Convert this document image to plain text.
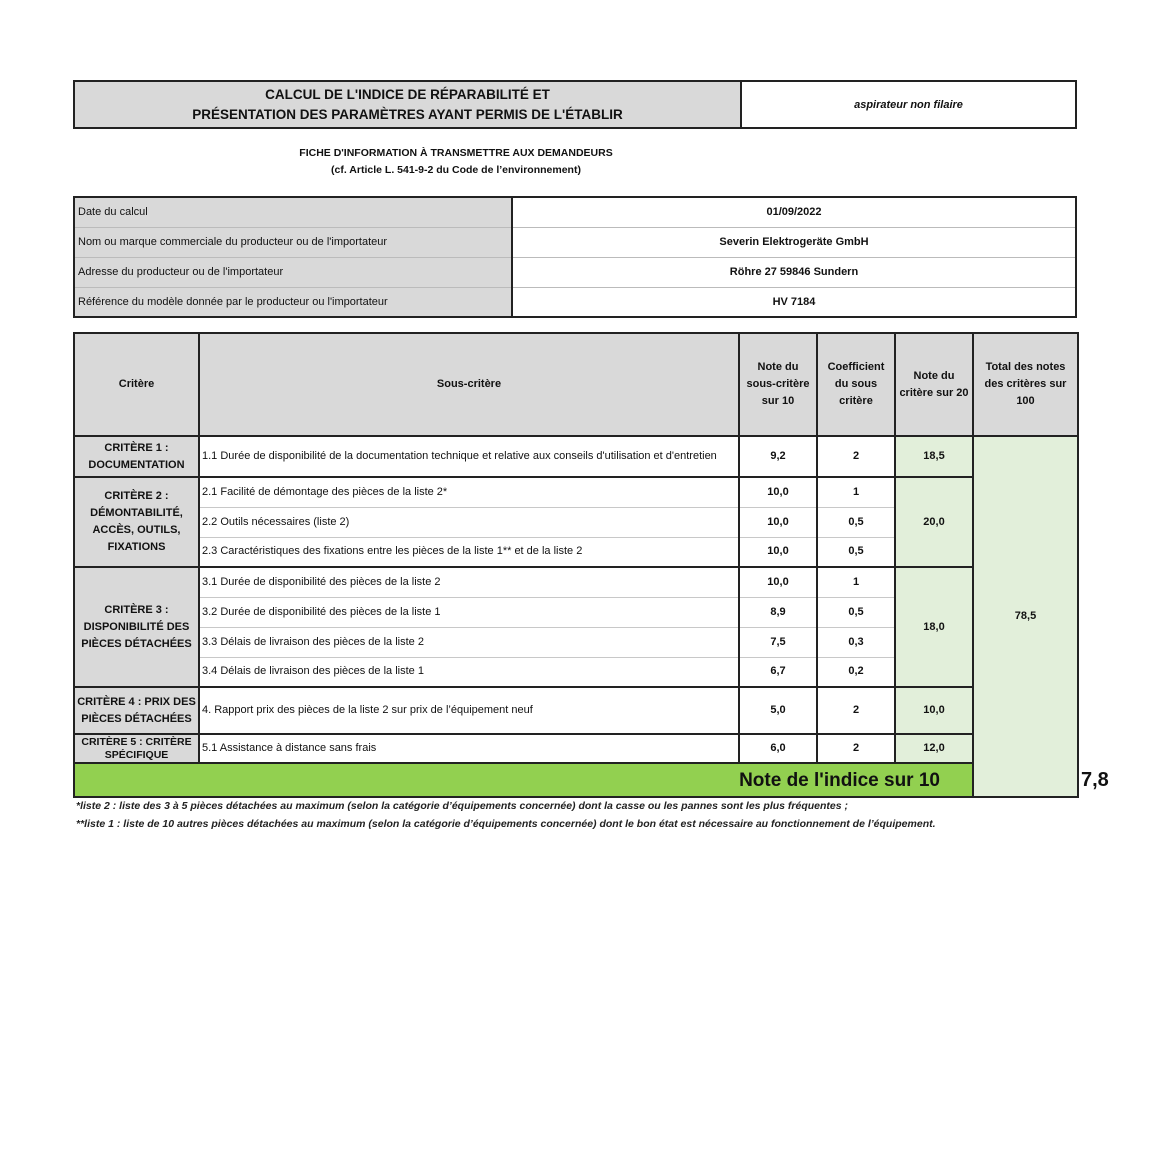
CALCUL DE L'INDICE DE RÉPARABILITÉ ET
PRÉSENTATION DES PARAMÈTRES AYANT PERMIS DE L'ÉTABLIR
aspirateur non filaire
FICHE D'INFORMATION À TRANSMETTRE AUX DEMANDEURS
(cf. Article L. 541-9-2 du Code de l’environnement)
Date du calcul	01/09/2022
Nom ou marque commerciale du producteur ou de l'importateur	Severin Elektrogeräte GmbH
Adresse du producteur ou de l'importateur	Röhre 27 59846 Sundern
Référence du modèle donnée par le producteur ou l'importateur	HV 7184
Critère	Sous-critère	Note du sous-critère sur 10	Coefficient du sous critère	Note du critère sur 20	Total des notes des critères sur 100	
CRITÈRE 1 : DOCUMENTATION	1.1 Durée de disponibilité de la documentation technique et relative aux conseils d'utilisation et d'entretien	9,2	2	18,5	78,5	
CRITÈRE 2 : DÉMONTABILITÉ, ACCÈS, OUTILS, FIXATIONS	2.1 Facilité de démontage des pièces de la liste 2*	10,0	1	20,0		
	2.2 Outils nécessaires (liste 2)	10,0	0,5			
	2.3 Caractéristiques des fixations entre les pièces de la liste 1** et de la liste 2	10,0	0,5			
CRITÈRE 3 : DISPONIBILITÉ DES PIÈCES DÉTACHÉES	3.1 Durée de disponibilité des pièces de la liste 2	10,0	1	18,0		
	3.2 Durée de disponibilité des pièces de la liste 1	8,9	0,5			
	3.3 Délais de livraison des pièces de la liste 2	7,5	0,3			
	3.4 Délais de livraison des pièces de la liste 1	6,7	0,2			
CRITÈRE 4 : PRIX DES PIÈCES DÉTACHÉES	4. Rapport prix des pièces de la liste 2 sur prix de l’équipement neuf	5,0	2	10,0		
CRITÈRE 5 : CRITÈRE SPÉCIFIQUE	5.1 Assistance à distance sans frais	6,0	2	12,0		
Note de l'indice sur 10						7,8
*liste 2 : liste des 3 à 5 pièces détachées au maximum (selon la catégorie d’équipements concernée) dont la casse ou les pannes sont les plus fréquentes ;
**liste 1 : liste de 10 autres pièces détachées au maximum (selon la catégorie d’équipements concernée) dont le bon état est nécessaire au fonctionnement de l’équipement.
